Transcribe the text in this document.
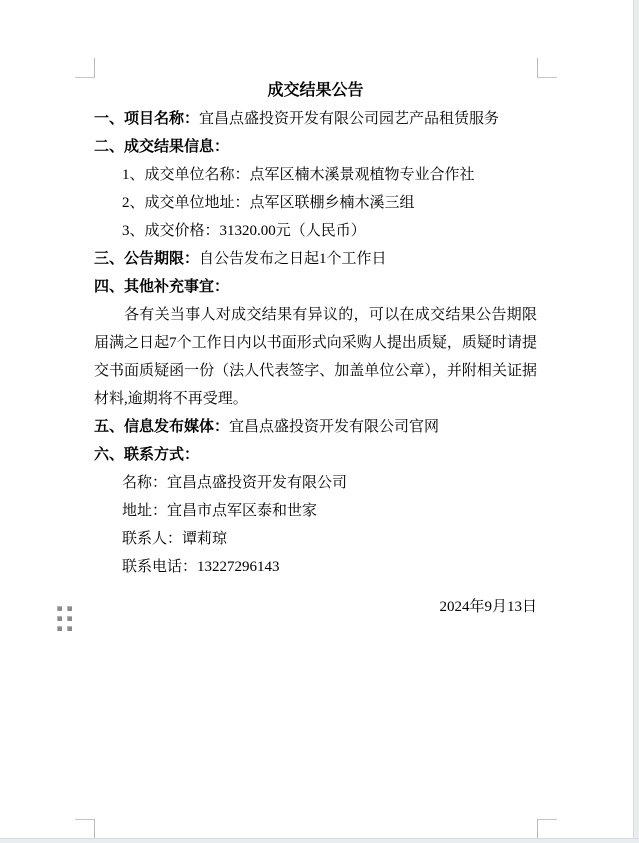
成交结果公告

一、项目名称：宜昌点盛投资开发有限公司园艺产品租赁服务

二、成交结果信息：

1、成交单位名称：点军区楠木溪景观植物专业合作社

2、成交单位地址：点军区联棚乡楠木溪三组

3、成交价格：31320.00元（人民币）

三、公告期限：自公告发布之日起1个工作日

四、其他补充事宜：

各有关当事人对成交结果有异议的，可以在成交结果公告期限届满之日起7个工作日内以书面形式向采购人提出质疑，质疑时请提交书面质疑函一份（法人代表签字、加盖单位公章），并附相关证据材料,逾期将不再受理。

五、信息发布媒体：宜昌点盛投资开发有限公司官网

六、联系方式：

名称：宜昌点盛投资开发有限公司

地址：宜昌市点军区泰和世家

联系人：谭莉琼

联系电话：13227296143

2024年9月13日
